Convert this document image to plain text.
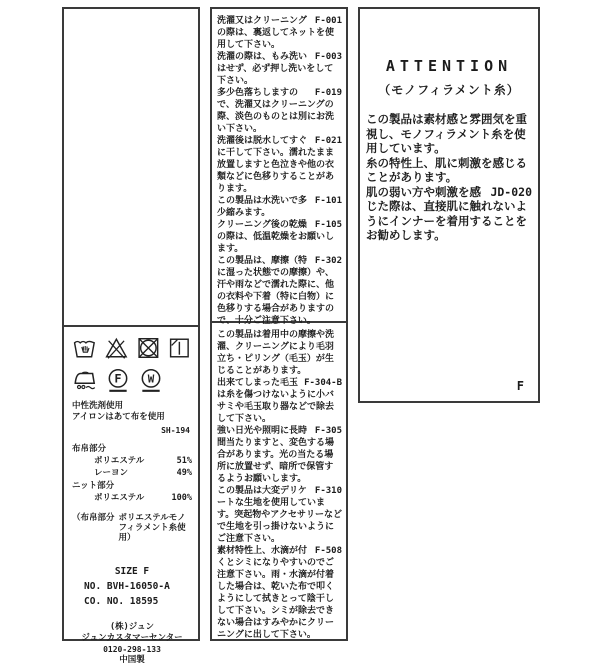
F	W
中性洗剤使用
アイロンはあて布を使用
SH-194
布帛部分
ポリエステル	51%
レーヨン	49%
ニット部分
ポリエステル	100%
（布帛部分 ポリエステルモノフィラメント糸使用）
SIZE F
NO. BVH-16050-A
CO. NO. 18595
(株)ジュン
ジュンカスタマーセンター
0120-298-133
中国製
F-001
洗濯又はクリーニングの際は、裏返してネットを使用して下さい。
F-003
洗濯の際は、もみ洗いはせず、必ず押し洗いをして下さい。
F-019
多少色落ちしますので、洗濯又はクリーニングの際、淡色のものとは別にお洗い下さい。
F-021
洗濯後は脱水してすぐに干して下さい。濡れたまま放置しますと色泣きや他の衣類などに色移りすることがあります。
F-101
この製品は水洗いで多少縮みます。
F-105
クリーニング後の乾燥の際は、低温乾燥をお願いします。
F-302
この製品は、摩擦（特に湿った状態での摩擦）や、汗や雨などで濡れた際に、他の衣料や下着（特に白物）に色移りする場合がありますので、十分ご注意下さい。
この製品は着用中の摩擦や洗濯、クリーニングにより毛羽立ち・ピリング（毛玉）が生じることがあります。
F-304-B
出来てしまった毛玉は糸を傷つけないように小バサミや毛玉取り器などで除去して下さい。
F-305
強い日光や照明に長時間当たりますと、変色する場合があります。光の当たる場所に放置せず、暗所で保管するようお願いします。
F-310
この製品は大変デリケートな生地を使用しています。突起物やアクセサリーなどで生地を引っ掛けないようにご注意下さい。
F-508
素材特性上、水滴が付くとシミになりやすいのでご注意下さい。雨・水滴が付着した場合は、乾いた布で叩くようにして拭きとって陰干しして下さい。シミが除去できない場合はすみやかにクリーニングに出して下さい。
ATTENTION
（モノフィラメント糸）
この製品は素材感と雰囲気を重視し、モノフィラメント糸を使用しています。
糸の特性上、肌に刺激を感じることがあります。
JD-020
肌の弱い方や刺激を感じた際は、直接肌に触れないようにインナーを着用することをお勧めします。
F
